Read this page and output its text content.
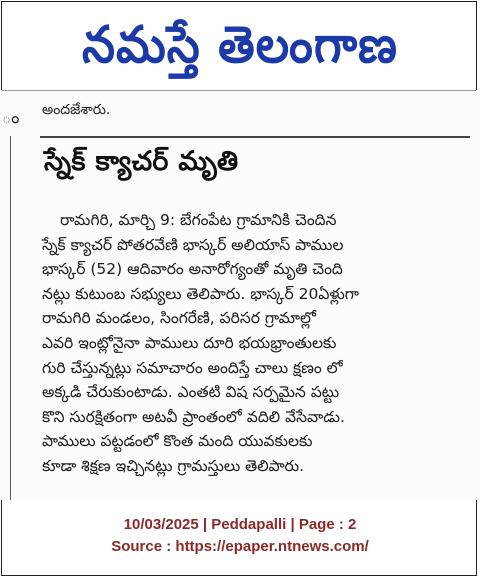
నమస్తే తెలంగాణ
ం అందజేశారు.
స్నేక్ క్యాచర్ మృతి
రామగిరి, మార్చి 9: బేగంపేట గ్రామానికి చెందిన
స్నేక్ క్యాచర్ పోతరవేణి భాస్కర్ అలియాస్ పాముల
భాస్కర్ (52) ఆదివారం అనారోగ్యంతో మృతి చెంది
నట్లు కుటుంబ సభ్యులు తెలిపారు. భాస్కర్ 20ఏళ్లుగా
రామగిరి మండలం, సింగరేణి, పరిసర గ్రామాల్లో
ఎవరి ఇంట్లోనైనా పాములు దూరి భయభ్రాంతులకు
గురి చేస్తున్నట్లు సమాచారం అందిస్తే చాలు క్షణం లో
అక్కడి చేరుకుంటాడు. ఎంతటి విష సర్పమైన పట్టు
కొని సురక్షితంగా అటవీ ప్రాంతంలో వదిలి వేసేవాడు.
పాములు పట్టడంలో కొంత మంది యువకులకు
కూడా శిక్షణ ఇచ్చినట్లు గ్రామస్తులు తెలిపారు.
10/03/2025 | Peddapalli | Page : 2
Source : https://epaper.ntnews.com/
